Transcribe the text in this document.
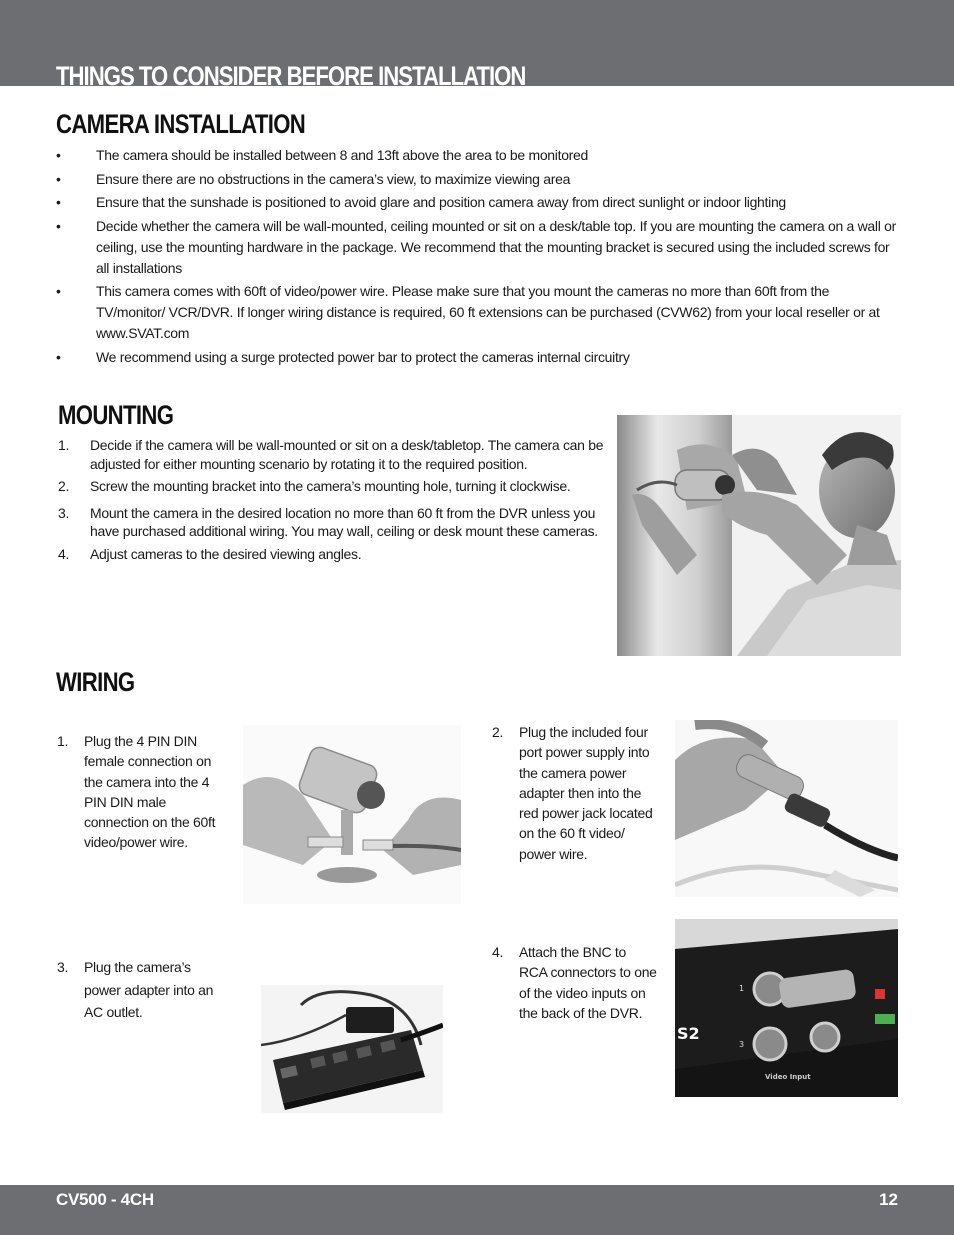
THINGS TO CONSIDER BEFORE INSTALLATION
CAMERA INSTALLATION
•	The camera should be installed between 8 and 13ft above the area to be monitored
•	Ensure there are no obstructions in the camera’s view, to maximize viewing area
•	Ensure that the sunshade is positioned to avoid glare and position camera away from direct sunlight or indoor lighting
•	Decide whether the camera will be wall-mounted, ceiling mounted or sit on a desk/table top. If you are mounting the camera on a wall or ceiling, use the mounting hardware in the package. We recommend that the mounting bracket is secured using the included screws for all installations
•	This camera comes with 60ft of video/power wire. Please make sure that you mount the cameras no more than 60ft from the TV/monitor/ VCR/DVR. If longer wiring distance is required, 60 ft extensions can be purchased (CVW62) from your local reseller or at www.SVAT.com
•	We recommend using a surge protected power bar to protect the cameras internal circuitry
MOUNTING
1. Decide if the camera will be wall-mounted or sit on a desk/tabletop. The camera can be adjusted for either mounting scenario by rotating it to the required position.
2. Screw the mounting bracket into the camera’s mounting hole, turning it clockwise.
3. Mount the camera in the desired location no more than 60 ft from the DVR unless you have purchased additional wiring. You may wall, ceiling or desk mount these cameras.
4. Adjust cameras to the desired viewing angles.
WIRING
1.	Plug the 4 PIN DIN female connection on the camera into the 4 PIN DIN male connection on the 60ft video/power wire.
2.	Plug the included four port power supply into the camera power adapter then into the red power jack located on the 60 ft video/ power wire.
3.	Plug the camera’s power adapter into an AC outlet.
4.	Attach the BNC to RCA connectors to one of the video inputs on the back of the DVR.
1
3
Video Input
S2
CV500 - 4CH	12
